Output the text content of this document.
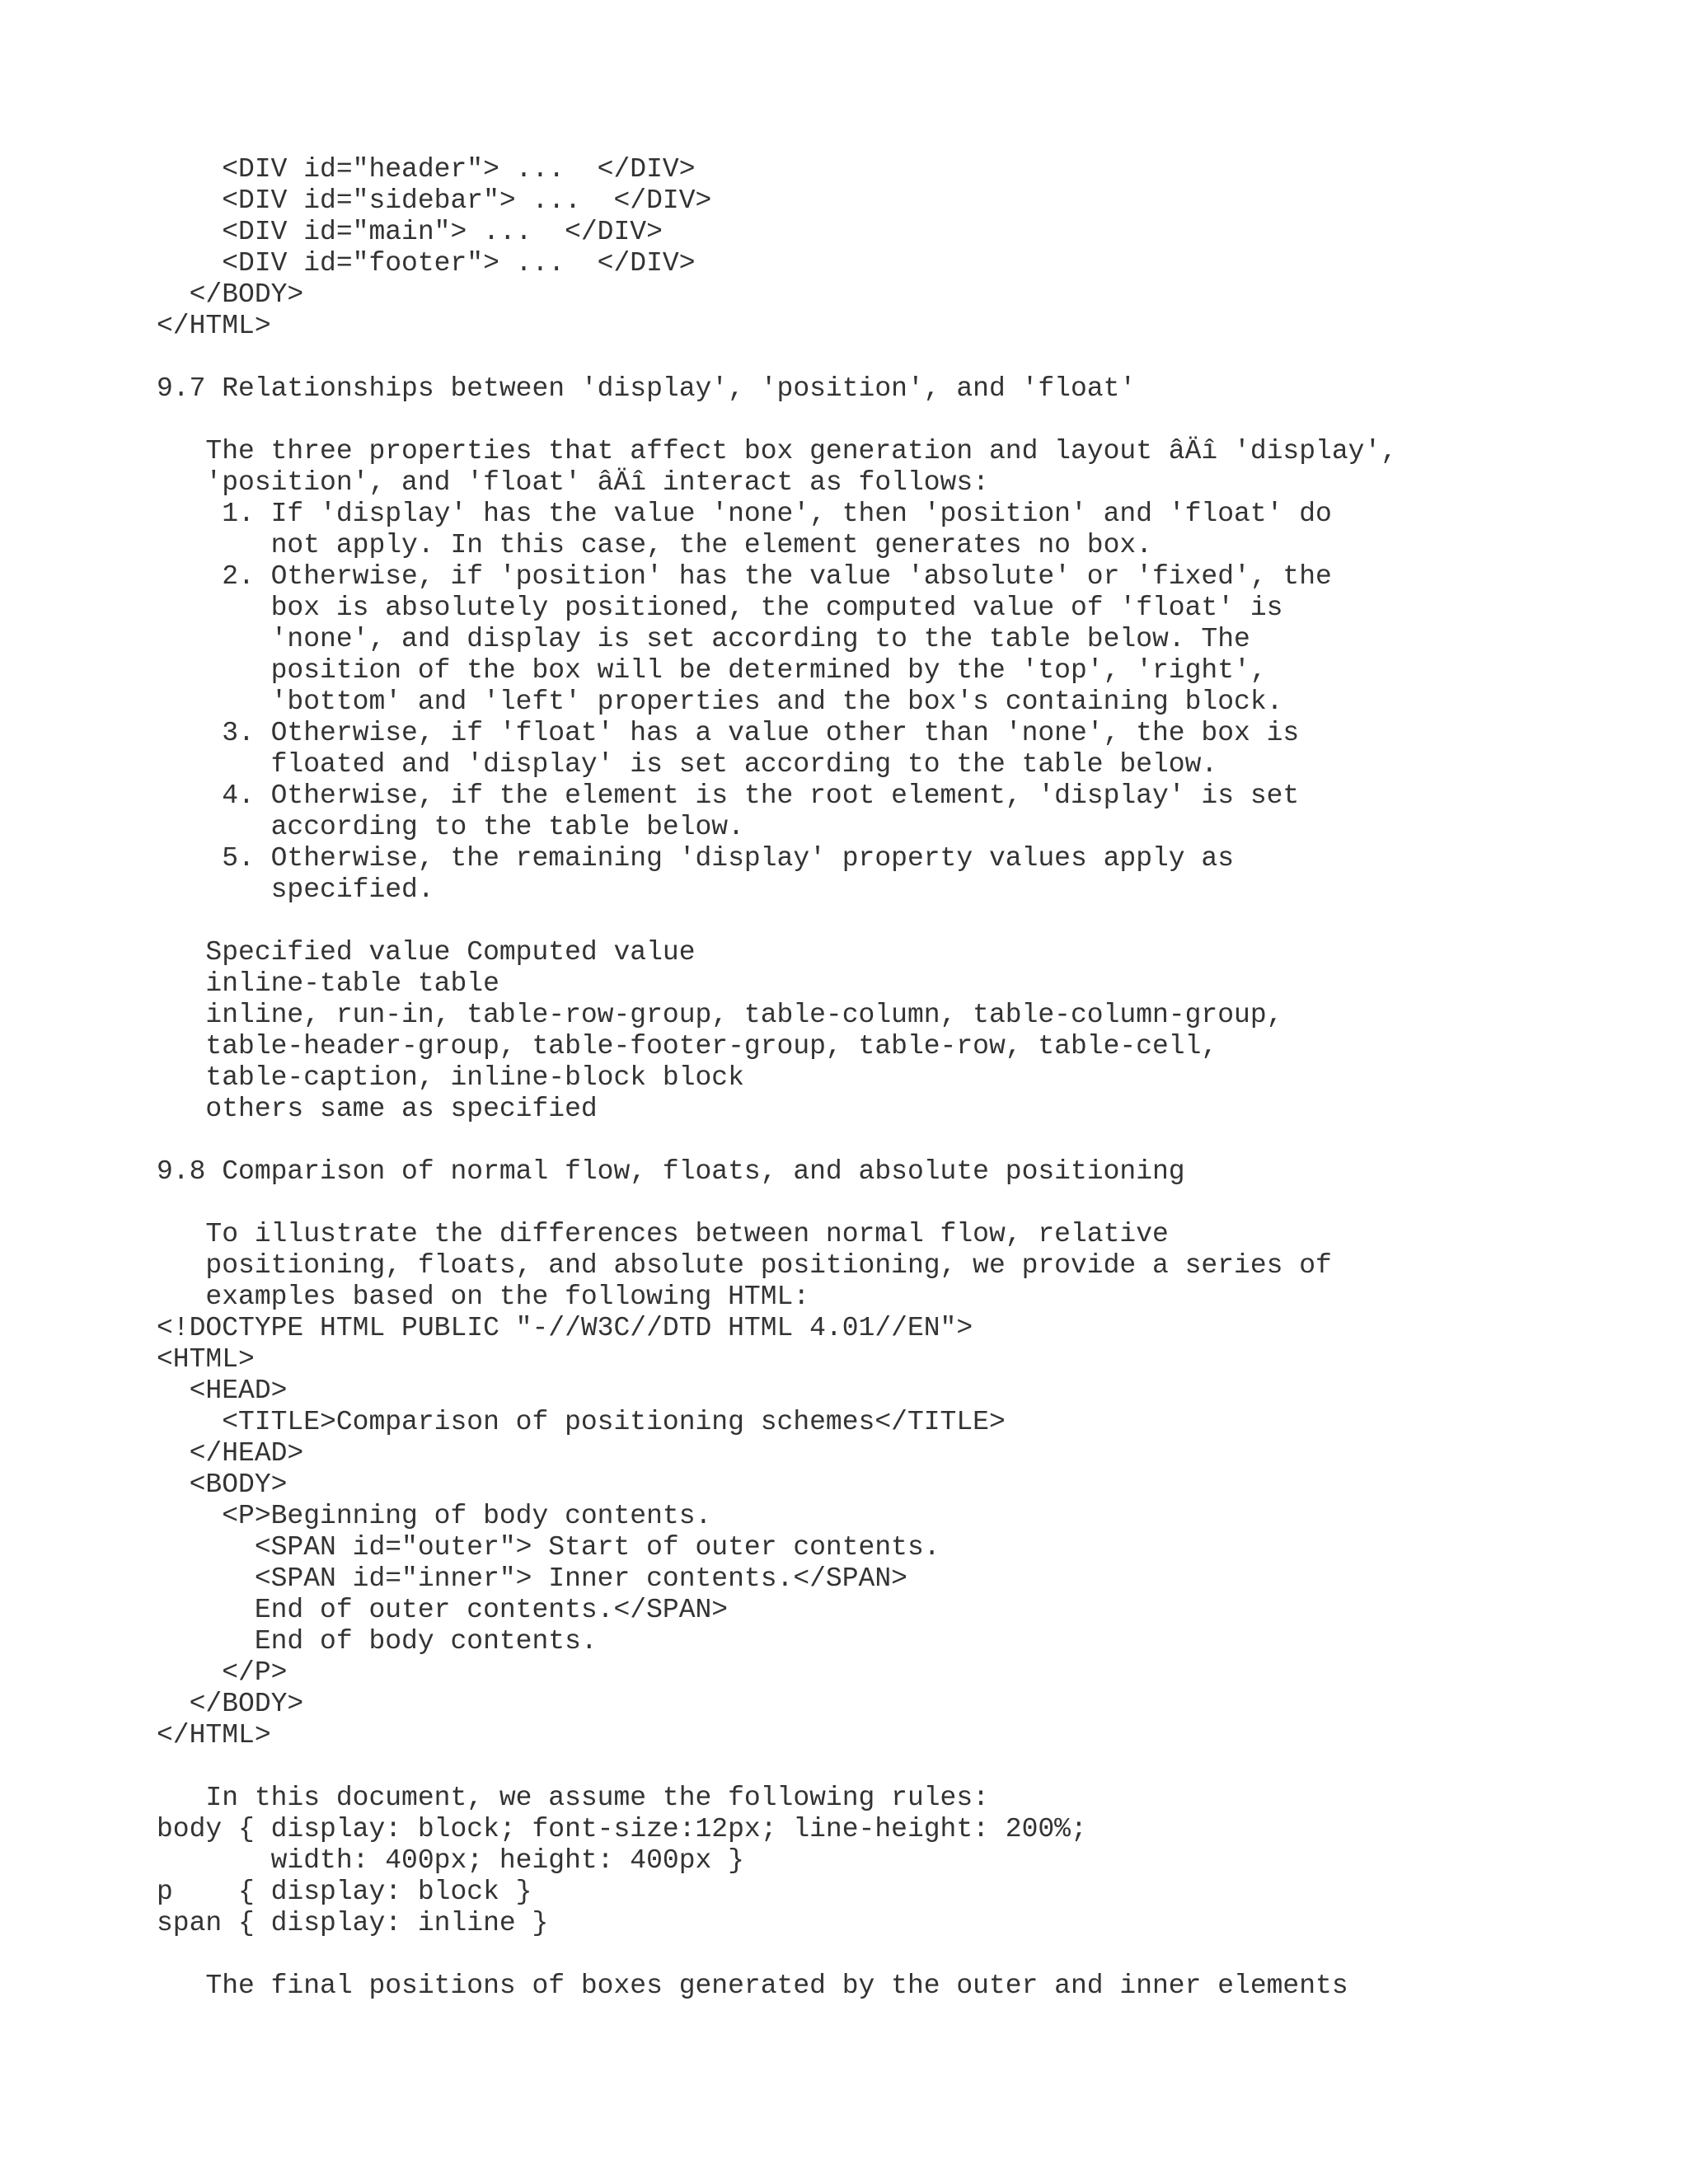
<DIV id="header"> ...  </DIV>
<DIV id="sidebar"> ...  </DIV>
<DIV id="main"> ...  </DIV>
<DIV id="footer"> ...  </DIV>
</BODY>
</HTML>
9.7 Relationships between 'display', 'position', and 'float'
The three properties that affect box generation and layout âÄî 'display',
'position', and 'float' âÄî interact as follows:
1. If 'display' has the value 'none', then 'position' and 'float' do
not apply. In this case, the element generates no box.
2. Otherwise, if 'position' has the value 'absolute' or 'fixed', the
box is absolutely positioned, the computed value of 'float' is
'none', and display is set according to the table below. The
position of the box will be determined by the 'top', 'right',
'bottom' and 'left' properties and the box's containing block.
3. Otherwise, if 'float' has a value other than 'none', the box is
floated and 'display' is set according to the table below.
4. Otherwise, if the element is the root element, 'display' is set
according to the table below.
5. Otherwise, the remaining 'display' property values apply as
specified.
Specified value Computed value
inline-table table
inline, run-in, table-row-group, table-column, table-column-group,
table-header-group, table-footer-group, table-row, table-cell,
table-caption, inline-block block
others same as specified
9.8 Comparison of normal flow, floats, and absolute positioning
To illustrate the differences between normal flow, relative
positioning, floats, and absolute positioning, we provide a series of
examples based on the following HTML:
<!DOCTYPE HTML PUBLIC "-//W3C//DTD HTML 4.01//EN">
<HTML>
<HEAD>
<TITLE>Comparison of positioning schemes</TITLE>
</HEAD>
<BODY>
<P>Beginning of body contents.
<SPAN id="outer"> Start of outer contents.
<SPAN id="inner"> Inner contents.</SPAN>
End of outer contents.</SPAN>
End of body contents.
</P>
</BODY>
</HTML>
In this document, we assume the following rules:
body { display: block; font-size:12px; line-height: 200%;
width: 400px; height: 400px }
p    { display: block }
span { display: inline }
The final positions of boxes generated by the outer and inner elements
